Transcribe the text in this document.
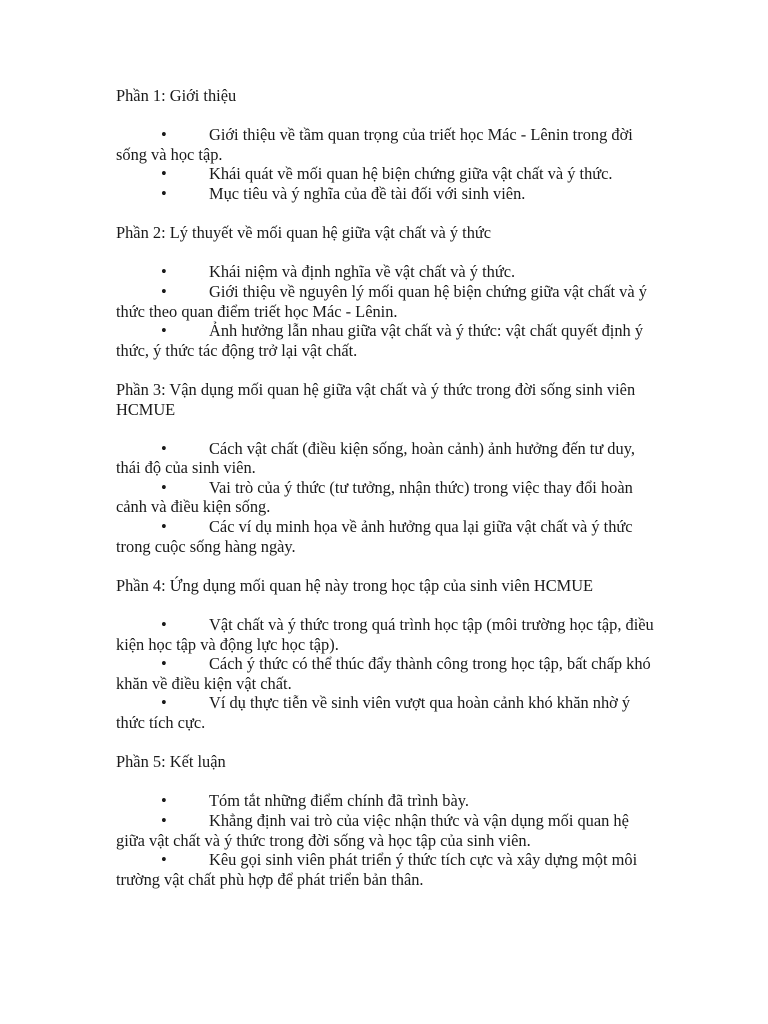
Phần 1: Giới thiệu

•	Giới thiệu về tầm quan trọng của triết học Mác - Lênin trong đời sống và học tập.
•	Khái quát về mối quan hệ biện chứng giữa vật chất và ý thức.
•	Mục tiêu và ý nghĩa của đề tài đối với sinh viên.

Phần 2: Lý thuyết về mối quan hệ giữa vật chất và ý thức

•	Khái niệm và định nghĩa về vật chất và ý thức.
•	Giới thiệu về nguyên lý mối quan hệ biện chứng giữa vật chất và ý thức theo quan điểm triết học Mác - Lênin.
•	Ảnh hưởng lẫn nhau giữa vật chất và ý thức: vật chất quyết định ý thức, ý thức tác động trở lại vật chất.

Phần 3: Vận dụng mối quan hệ giữa vật chất và ý thức trong đời sống sinh viên HCMUE

•	Cách vật chất (điều kiện sống, hoàn cảnh) ảnh hưởng đến tư duy, thái độ của sinh viên.
•	Vai trò của ý thức (tư tưởng, nhận thức) trong việc thay đổi hoàn cảnh và điều kiện sống.
•	Các ví dụ minh họa về ảnh hưởng qua lại giữa vật chất và ý thức trong cuộc sống hàng ngày.

Phần 4: Ứng dụng mối quan hệ này trong học tập của sinh viên HCMUE

•	Vật chất và ý thức trong quá trình học tập (môi trường học tập, điều kiện học tập và động lực học tập).
•	Cách ý thức có thể thúc đẩy thành công trong học tập, bất chấp khó khăn về điều kiện vật chất.
•	Ví dụ thực tiễn về sinh viên vượt qua hoàn cảnh khó khăn nhờ ý thức tích cực.

Phần 5: Kết luận

•	Tóm tắt những điểm chính đã trình bày.
•	Khẳng định vai trò của việc nhận thức và vận dụng mối quan hệ giữa vật chất và ý thức trong đời sống và học tập của sinh viên.
•	Kêu gọi sinh viên phát triển ý thức tích cực và xây dựng một môi trường vật chất phù hợp để phát triển bản thân.
